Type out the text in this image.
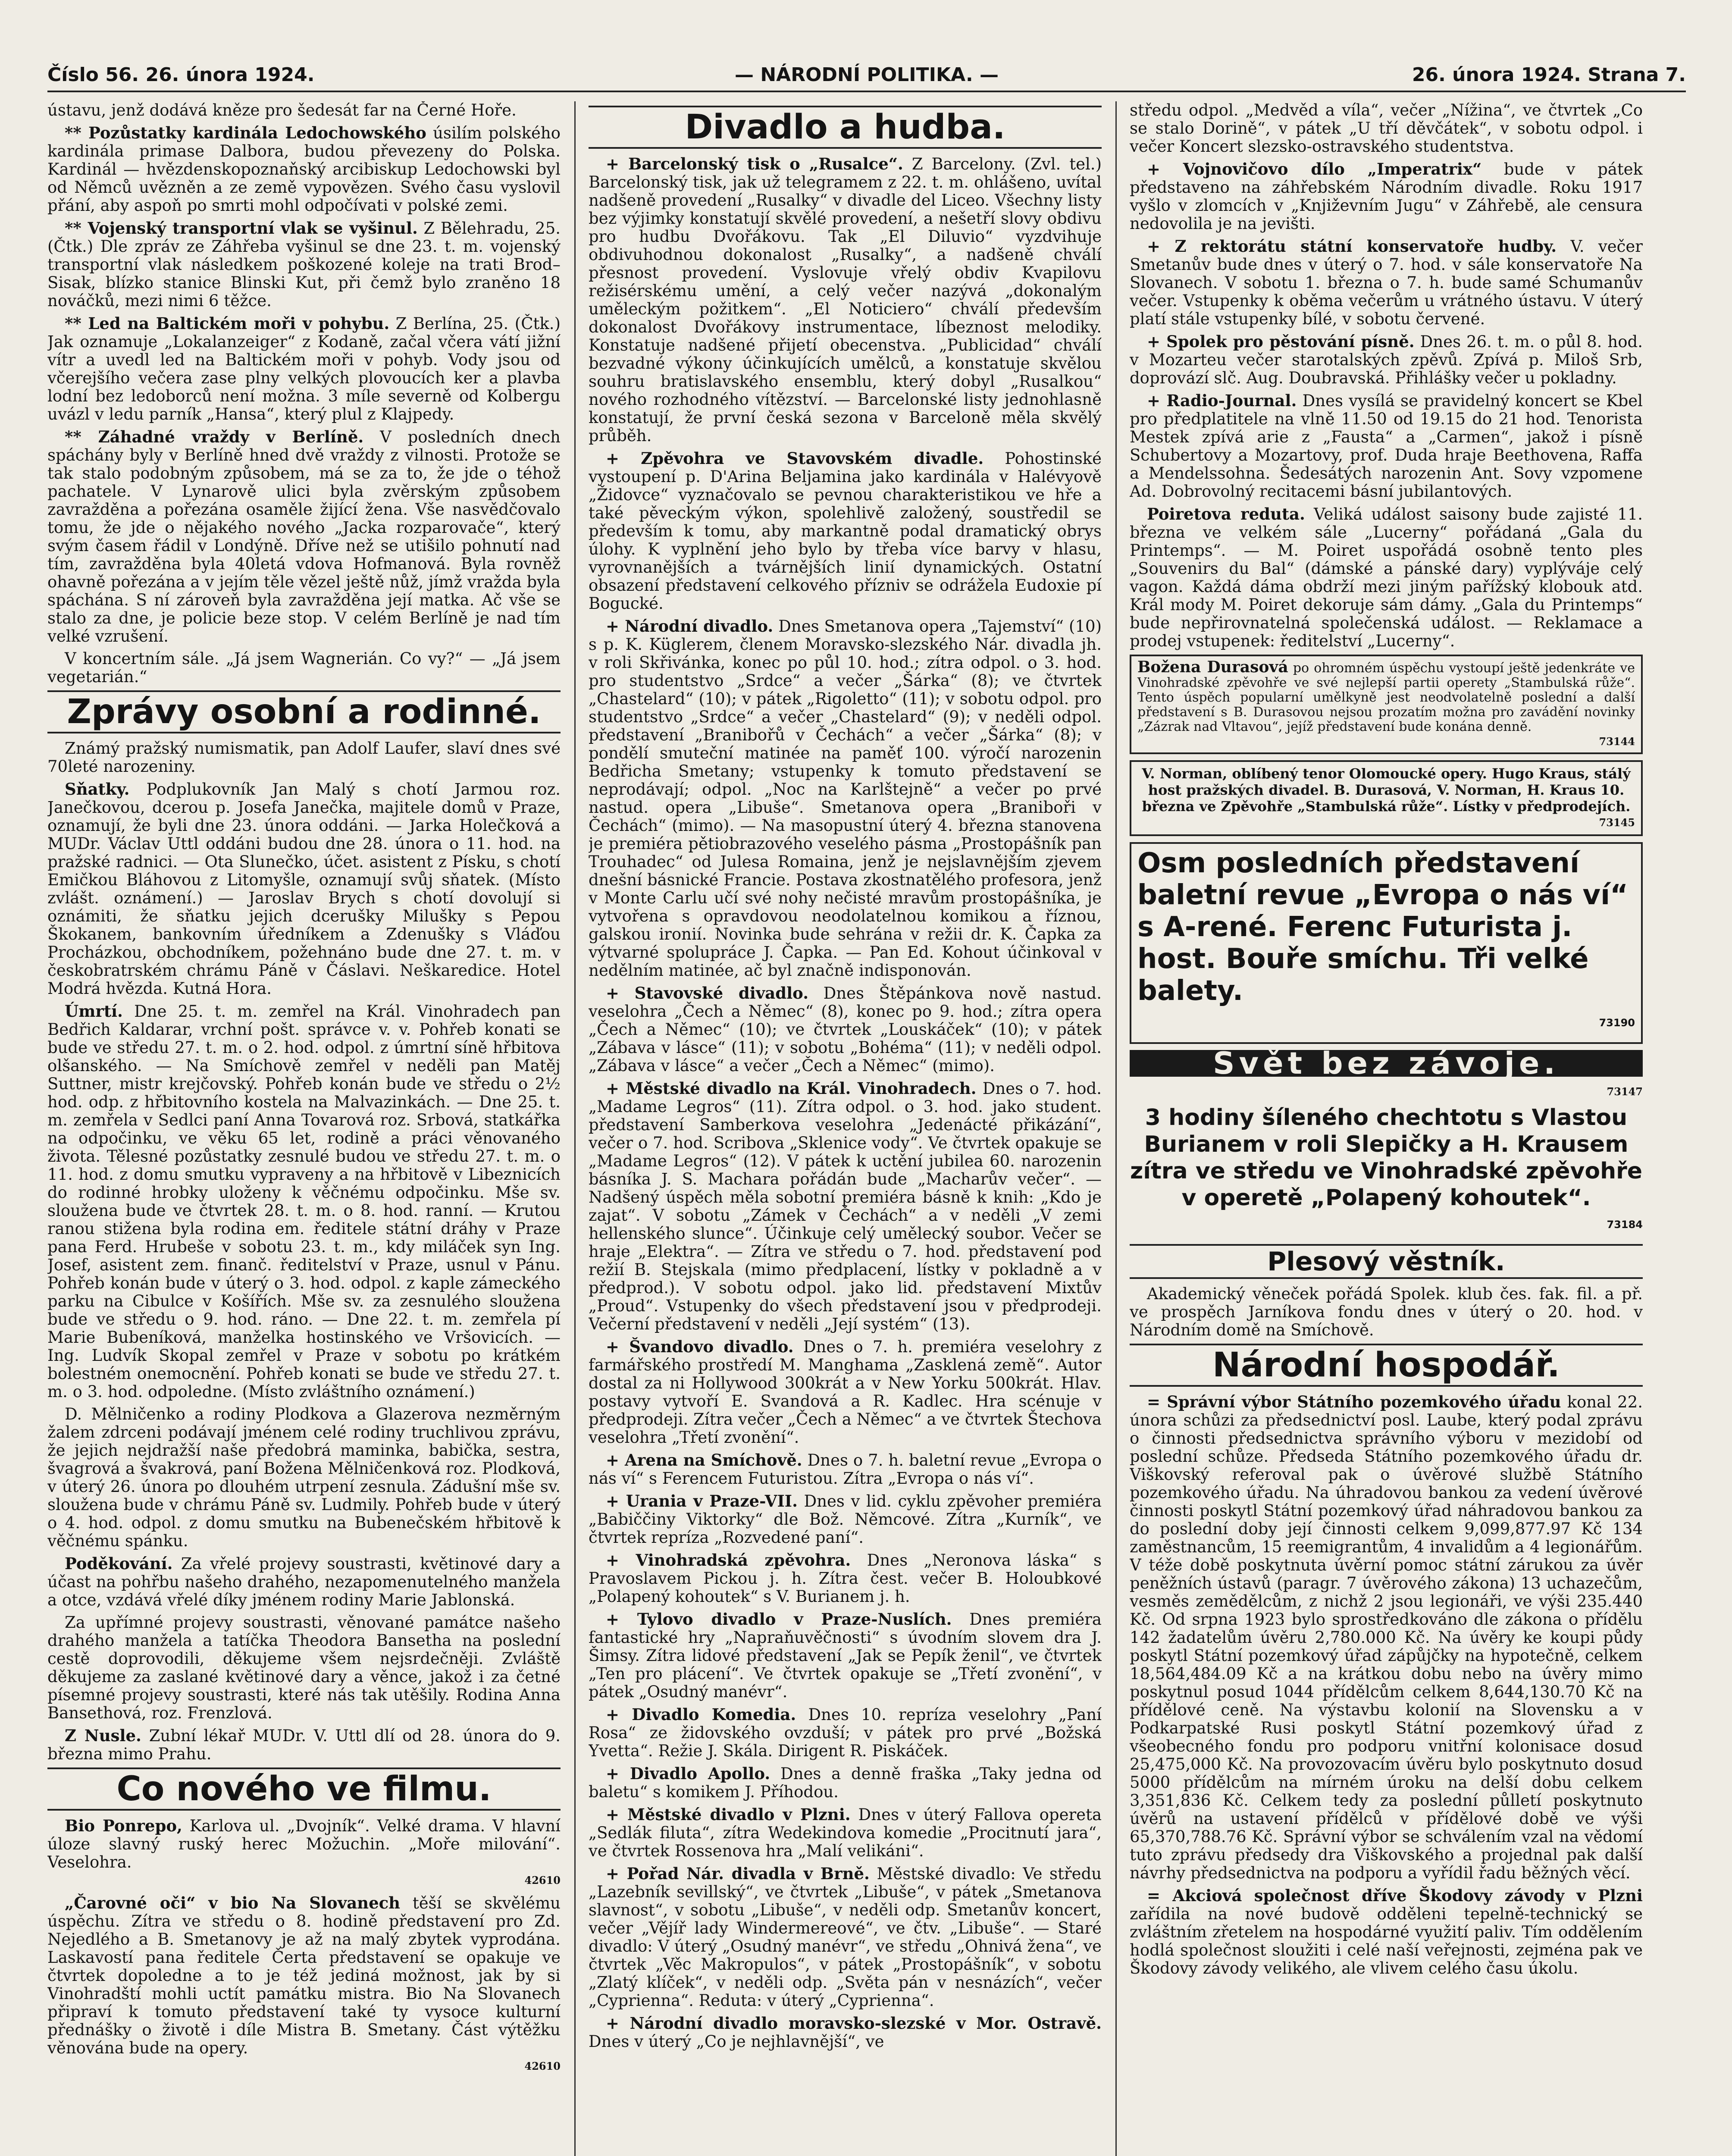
Číslo 56. 26. února 1924.	— NÁRODNÍ POLITIKA. —	26. února 1924. Strana 7.

ústavu, jenž dodává kněze pro šedesát far na Černé Hoře.

** Pozůstatky kardinála Ledochowského úsilím polského kardinála primase Dalbora, budou převezeny do Polska. Kardinál — hvězdenskopoznaňský arcibiskup Ledochowski byl od Němců uvězněn a ze země vypovězen. Svého času vyslovil přání, aby aspoň po smrti mohl odpočívati v polské zemi.

** Vojenský transportní vlak se vyšinul. Z Bělehradu, 25. (Čtk.) Dle zpráv ze Záhřeba vyšinul se dne 23. t. m. vojenský transportní vlak následkem poškozené koleje na trati Brod–Sisak, blízko stanice Blinski Kut, při čemž bylo zraněno 18 nováčků, mezi nimi 6 těžce.

** Led na Baltickém moři v pohybu. Z Berlína, 25. (Čtk.) Jak oznamuje „Lokalanzeiger“ z Kodaně, začal včera vátí jižní vítr a uvedl led na Baltickém moři v pohyb. Vody jsou od včerejšího večera zase plny velkých plovoucích ker a plavba lodní bez ledoborců není možna. 3 míle severně od Kolbergu uvázl v ledu parník „Hansa“, který plul z Klajpedy.

** Záhadné vraždy v Berlíně. V posledních dnech spáchány byly v Berlíně hned dvě vraždy z vilnosti. Protože se tak stalo podobným způsobem, má se za to, že jde o téhož pachatele. V Lynarově ulici byla zvěrským způsobem zavražděna a pořezána osaměle žijící žena. Vše nasvědčovalo tomu, že jde o nějakého nového „Jacka rozparovače“, který svým časem řádil v Londýně. Dříve než se utišilo pohnutí nad tím, zavražděna byla 40letá vdova Hofmanová. Byla rovněž ohavně pořezána a v jejím těle vězel ještě nůž, jímž vražda byla spáchána. S ní zároveň byla zavražděna její matka. Ač vše se stalo za dne, je policie beze stop. V celém Berlíně je nad tím velké vzrušení.

V koncertním sále. „Já jsem Wagnerián. Co vy?“ — „Já jsem vegetarián.“

Zprávy osobní a rodinné.

Známý pražský numismatik, pan Adolf Laufer, slaví dnes své 70leté narozeniny.

Sňatky. Podplukovník Jan Malý s chotí Jarmou roz. Janečkovou, dcerou p. Josefa Janečka, majitele domů v Praze, oznamují, že byli dne 23. února oddáni. — Jarka Holečková a MUDr. Václav Uttl oddáni budou dne 28. února o 11. hod. na pražské radnici. — Ota Slunečko, účet. asistent z Písku, s chotí Emičkou Bláhovou z Litomyšle, oznamují svůj sňatek. (Místo zvlášt. oznámení.) — Jaroslav Brych s chotí dovolují si oznámiti, že sňatku jejich dcerušky Milušky s Pepou Škokanem, bankovním úředníkem a Zdenušky s Vláďou Procházkou, obchodníkem, požehnáno bude dne 27. t. m. v českobratrském chrámu Páně v Čáslavi. Neškaredice. Hotel Modrá hvězda. Kutná Hora.

Úmrtí. Dne 25. t. m. zemřel na Král. Vinohradech pan Bedřich Kaldarar, vrchní pošt. správce v. v. Pohřeb konati se bude ve středu 27. t. m. o 2. hod. odpol. z úmrtní síně hřbitova olšanského. — Na Smíchově zemřel v neděli pan Matěj Suttner, mistr krejčovský. Pohřeb konán bude ve středu o 2½ hod. odp. z hřbitovního kostela na Malvazinkách. — Dne 25. t. m. zemřela v Sedlci paní Anna Tovarová roz. Srbová, statkářka na odpočinku, ve věku 65 let, rodině a práci věnovaného života. Tělesné pozůstatky zesnulé budou ve středu 27. t. m. o 11. hod. z domu smutku vypraveny a na hřbitově v Libeznicích do rodinné hrobky uloženy k věčnému odpočinku. Mše sv. sloužena bude ve čtvrtek 28. t. m. o 8. hod. ranní. — Krutou ranou stižena byla rodina em. ředitele státní dráhy v Praze pana Ferd. Hrubeše v sobotu 23. t. m., kdy miláček syn Ing. Josef, asistent zem. finanč. ředitelství v Praze, usnul v Pánu. Pohřeb konán bude v úterý o 3. hod. odpol. z kaple zámeckého parku na Cibulce v Košířích. Mše sv. za zesnulého sloužena bude ve středu o 9. hod. ráno. — Dne 22. t. m. zemřela pí Marie Bubeníková, manželka hostinského ve Vršovicích. — Ing. Ludvík Skopal zemřel v Praze v sobotu po krátkém bolestném onemocnění. Pohřeb konati se bude ve středu 27. t. m. o 3. hod. odpoledne. (Místo zvláštního oznámení.)

D. Mělničenko a rodiny Plodkova a Glazerova nezměrným žalem zdrceni podávají jménem celé rodiny truchlivou zprávu, že jejich nejdražší naše předobrá maminka, babička, sestra, švagrová a švakrová, paní Božena Mělničenková roz. Plodková, v úterý 26. února po dlouhém utrpení zesnula. Zádušní mše sv. sloužena bude v chrámu Páně sv. Ludmily. Pohřeb bude v úterý o 4. hod. odpol. z domu smutku na Bubenečském hřbitově k věčnému spánku.

Poděkování. Za vřelé projevy soustrasti, květinové dary a účast na pohřbu našeho drahého, nezapomenutelného manžela a otce, vzdává vřelé díky jménem rodiny Marie Jablonská.

Za upřímné projevy soustrasti, věnované památce našeho drahého manžela a tatíčka Theodora Bansetha na poslední cestě doprovodili, děkujeme všem nejsrdečněji. Zvláště děkujeme za zaslané květinové dary a věnce, jakož i za četné písemné projevy soustrasti, které nás tak utěšily. Rodina Anna Bansethová, roz. Frenzlová.

Z Nusle. Zubní lékař MUDr. V. Uttl dlí od 28. února do 9. března mimo Prahu.

Co nového ve filmu.

Bio Ponrepo, Karlova ul. „Dvojník“. Velké drama. V hlavní úloze slavný ruský herec Možuchin. „Moře milování“. Veselohra.
42610

„Čarovné oči“ v bio Na Slovanech těší se skvělému úspěchu. Zítra ve středu o 8. hodině představení pro Zd. Nejedlého a B. Smetanovy je až na malý zbytek vyprodána. Laskavostí pana ředitele Čerta představení se opakuje ve čtvrtek dopoledne a to je též jediná možnost, jak by si Vinohradští mohli uctít památku mistra. Bio Na Slovanech připraví k tomuto představení také ty vysoce kulturní přednášky o životě i díle Mistra B. Smetany. Část výtěžku věnována bude na opery.
42610

Divadlo a hudba.

+ Barcelonský tisk o „Rusalce“. Z Barcelony. (Zvl. tel.) Barcelonský tisk, jak už telegramem z 22. t. m. ohlášeno, uvítal nadšeně provedení „Rusalky“ v divadle del Liceo. Všechny listy bez výjimky konstatují skvělé provedení, a nešetří slovy obdivu pro hudbu Dvořákovu. Tak „El Diluvio“ vyzdvihuje obdivuhodnou dokonalost „Rusalky“, a nadšeně chválí přesnost provedení. Vyslovuje vřelý obdiv Kvapilovu režisérskému umění, a celý večer nazývá „dokonalým uměleckým požitkem“. „El Noticiero“ chválí především dokonalost Dvořákovy instrumentace, líbeznost melodiky. Konstatuje nadšené přijetí obecenstva. „Publicidad“ chválí bezvadné výkony účinkujících umělců, a konstatuje skvělou souhru bratislavského ensemblu, který dobyl „Rusalkou“ nového rozhodného vítězství. — Barcelonské listy jednohlasně konstatují, že první česká sezona v Barceloně měla skvělý průběh.

+ Zpěvohra ve Stavovském divadle. Pohostinské vystoupení p. D'Arina Beljamina jako kardinála v Halévyově „Židovce“ vyznačovalo se pevnou charakteristikou ve hře a také pěveckým výkon, spolehlivě založený, soustředil se především k tomu, aby markantně podal dramatický obrys úlohy. K vyplnění jeho bylo by třeba více barvy v hlasu, vyrovnanějších a tvárnějších linií dynamických. Ostatní obsazení představení celkového přízniv se odrážela Eudoxie pí Bogucké.

+ Národní divadlo. Dnes Smetanova opera „Tajemství“ (10) s p. K. Küglerem, členem Moravsko-slezského Nár. divadla jh. v roli Skřivánka, konec po půl 10. hod.; zítra odpol. o 3. hod. pro studentstvo „Srdce“ a večer „Šárka“ (8); ve čtvrtek „Chastelard“ (10); v pátek „Rigoletto“ (11); v sobotu odpol. pro studentstvo „Srdce“ a večer „Chastelard“ (9); v neděli odpol. představení „Branibořů v Čechách“ a večer „Šárka“ (8); v pondělí smuteční matinée na paměť 100. výročí narozenin Bedřicha Smetany; vstupenky k tomuto představení se neprodávají; odpol. „Noc na Karlštejně“ a večer po prvé nastud. opera „Libuše“. Smetanova opera „Braniboři v Čechách“ (mimo). — Na masopustní úterý 4. března stanovena je premiéra pětiobrazového veselého pásma „Prostopášník pan Trouhadec“ od Julesa Romaina, jenž je nejslavnějším zjevem dnešní básnické Francie. Postava zkostnatělého profesora, jenž v Monte Carlu učí své nohy nečisté mravům prostopášníka, je vytvořena s opravdovou neodolatelnou komikou a říznou, galskou ironií. Novinka bude sehrána v režii dr. K. Čapka za výtvarné spolupráce J. Čapka. — Pan Ed. Kohout účinkoval v nedělním matinée, ač byl značně indisponován.

+ Stavovské divadlo. Dnes Štěpánkova nově nastud. veselohra „Čech a Němec“ (8), konec po 9. hod.; zítra opera „Čech a Němec“ (10); ve čtvrtek „Louskáček“ (10); v pátek „Zábava v lásce“ (11); v sobotu „Bohéma“ (11); v neděli odpol. „Zábava v lásce“ a večer „Čech a Němec“ (mimo).

+ Městské divadlo na Král. Vinohradech. Dnes o 7. hod. „Madame Legros“ (11). Zítra odpol. o 3. hod. jako student. představení Samberkova veselohra „Jedenácté přikázání“, večer o 7. hod. Scribova „Sklenice vody“. Ve čtvrtek opakuje se „Madame Legros“ (12). V pátek k uctění jubilea 60. narozenin básníka J. S. Machara pořádán bude „Macharův večer“. — Nadšený úspěch měla sobotní premiéra básně k knih: „Kdo je zajat“. V sobotu „Zámek v Čechách“ a v neděli „V zemi hellenského slunce“. Účinkuje celý umělecký soubor. Večer se hraje „Elektra“. — Zítra ve středu o 7. hod. představení pod režií B. Stejskala (mimo předplacení, lístky v pokladně a v předprod.). V sobotu odpol. jako lid. představení Mixtův „Proud“. Vstupenky do všech představení jsou v předprodeji. Večerní představení v neděli „Její systém“ (13).

+ Švandovo divadlo. Dnes o 7. h. premiéra veselohry z farmářského prostředí M. Manghama „Zasklená země“. Autor dostal za ni Hollywood 300krát a v New Yorku 500krát. Hlav. postavy vytvoří E. Svandová a R. Kadlec. Hra scénuje v předprodeji. Zítra večer „Čech a Němec“ a ve čtvrtek Štechova veselohra „Třetí zvonění“.

+ Arena na Smíchově. Dnes o 7. h. baletní revue „Evropa o nás ví“ s Ferencem Futuristou. Zítra „Evropa o nás ví“.

+ Urania v Praze-VII. Dnes v lid. cyklu zpěvoher premiéra „Babiččiny Viktorky“ dle Bož. Němcové. Zítra „Kurník“, ve čtvrtek repríza „Rozvedené paní“.

+ Vinohradská zpěvohra. Dnes „Neronova láska“ s Pravoslavem Pickou j. h. Zítra čest. večer B. Holoubkové „Polapený kohoutek“ s V. Burianem j. h.

+ Tylovo divadlo v Praze-Nuslích. Dnes premiéra fantastické hry „Napraňuvěčnosti“ s úvodním slovem dra J. Šimsy. Zítra lidové představení „Jak se Pepík ženil“, ve čtvrtek „Ten pro plácení“. Ve čtvrtek opakuje se „Třetí zvonění“, v pátek „Osudný manévr“.

+ Divadlo Komedia. Dnes 10. repríza veselohry „Paní Rosa“ ze židovského ovzduší; v pátek pro prvé „Božská Yvetta“. Režie J. Skála. Dirigent R. Piskáček.

+ Divadlo Apollo. Dnes a denně fraška „Taky jedna od baletu“ s komikem J. Příhodou.

+ Městské divadlo v Plzni. Dnes v úterý Fallova opereta „Sedlák filuta“, zítra Wedekindova komedie „Procitnutí jara“, ve čtvrtek Rossenova hra „Malí velikáni“.

+ Pořad Nár. divadla v Brně. Městské divadlo: Ve středu „Lazebník sevillský“, ve čtvrtek „Libuše“, v pátek „Smetanova slavnost“, v sobotu „Libuše“, v neděli odp. Smetanův koncert, večer „Vějíř lady Windermereové“, ve čtv. „Libuše“. — Staré divadlo: V úterý „Osudný manévr“, ve středu „Ohnivá žena“, ve čtvrtek „Věc Makropulos“, v pátek „Prostopášník“, v sobotu „Zlatý klíček“, v neděli odp. „Světa pán v nesnázích“, večer „Cyprienna“. Reduta: v úterý „Cyprienna“.

+ Národní divadlo moravsko-slezské v Mor. Ostravě. Dnes v úterý „Co je nejhlavnější“, ve

středu odpol. „Medvěd a víla“, večer „Nížina“, ve čtvrtek „Co se stalo Dorině“, v pátek „U tří děvčátek“, v sobotu odpol. i večer Koncert slezsko-ostravského studentstva.

+ Vojnovičovo dílo „Imperatrix“ bude v pátek představeno na záhřebském Národním divadle. Roku 1917 vyšlo v zlomcích v „Književním Jugu“ v Záhřebě, ale censura nedovolila je na jevišti.

+ Z rektorátu státní konservatoře hudby. V. večer Smetanův bude dnes v úterý o 7. hod. v sále konservatoře Na Slovanech. V sobotu 1. března o 7. h. bude samé Schumanův večer. Vstupenky k oběma večerům u vrátného ústavu. V úterý platí stále vstupenky bílé, v sobotu červené.

+ Spolek pro pěstování písně. Dnes 26. t. m. o půl 8. hod. v Mozarteu večer starotalských zpěvů. Zpívá p. Miloš Srb, doprovází slč. Aug. Doubravská. Přihlášky večer u pokladny.

+ Radio-Journal. Dnes vysílá se pravidelný koncert se Kbel pro předplatitele na vlně 11.50 od 19.15 do 21 hod. Tenorista Mestek zpívá arie z „Fausta“ a „Carmen“, jakož i písně Schubertovy a Mozartovy, prof. Duda hraje Beethovena, Raffa a Mendelssohna. Šedesátých narozenin Ant. Sovy vzpomene Ad. Dobrovolný recitacemi básní jubilantových.

Poiretova reduta. Veliká událost saisony bude zajisté 11. března ve velkém sále „Lucerny“ pořádaná „Gala du Printemps“. — M. Poiret uspořádá osobně tento ples „Souvenirs du Bal“ (dámské a pánské dary) vyplýváje celý vagon. Každá dáma obdrží mezi jiným pařížský klobouk atd. Král mody M. Poiret dekoruje sám dámy. „Gala du Printemps“ bude nepřirovnatelná společenská událost. — Reklamace a prodej vstupenek: ředitelství „Lucerny“.

Božena Durasová po ohromném úspěchu vystoupí ještě jedenkráte ve Vinohradské zpěvohře ve své nejlepší partii operety „Stambulská růže“. Tento úspěch popularní umělkyně jest neodvolatelně poslední a další představení s B. Durasovou nejsou prozatím možna pro zavádění novinky „Zázrak nad Vltavou“, jejíž představení bude konána denně.
73144
V. Norman, oblíbený tenor Olomoucké opery. Hugo Kraus, stálý host pražských divadel. B. Durasová, V. Norman, H. Kraus 10. března ve Zpěvohře „Stambulská růže“. Lístky v předprodejích.
73145
Osm posledních představení baletní revue „Evropa o nás ví“ s A-rené. Ferenc Futurista j. host. Bouře smíchu. Tři velké balety.
73190
Svět bez závoje.
73147
3 hodiny šíleného chechtotu s Vlastou Burianem v roli Slepičky a H. Krausem zítra ve středu ve Vinohradské zpěvohře v operetě „Polapený kohoutek“.
73184
Plesový věstník.

Akademický věneček pořádá Spolek. klub čes. fak. fil. a př. ve prospěch Jarníkova fondu dnes v úterý o 20. hod. v Národním domě na Smíchově.

Národní hospodář.

= Správní výbor Státního pozemkového úřadu konal 22. února schůzi za předsednictví posl. Laube, který podal zprávu o činnosti předsednictva správního výboru v mezidobí od poslední schůze. Předseda Státního pozemkového úřadu dr. Viškovský referoval pak o úvěrové službě Státního pozemkového úřadu. Na úhradovou bankou za vedení úvěrové činnosti poskytl Státní pozemkový úřad náhradovou bankou za do poslední doby její činnosti celkem 9,099,877.97 Kč 134 zaměstnancům, 15 reemigrantům, 4 invalidům a 4 legionářům. V téže době poskytnuta úvěrní pomoc státní zárukou za úvěr peněžních ústavů (paragr. 7 úvěrového zákona) 13 uchazečům, vesměs zemědělcům, z nichž 2 jsou legionáři, ve výši 235.440 Kč. Od srpna 1923 bylo sprostředkováno dle zákona o přídělu 142 žadatelům úvěru 2,780.000 Kč. Na úvěry ke koupi půdy poskytl Státní pozemkový úřad zápůjčky na hypotečně, celkem 18,564,484.09 Kč a na krátkou dobu nebo na úvěry mimo poskytnul posud 1044 přídělcům celkem 8,644,130.70 Kč na přídělové ceně. Na výstavbu kolonií na Slovensku a v Podkarpatské Rusi poskytl Státní pozemkový úřad z všeobecného fondu pro podporu vnitřní kolonisace dosud 25,475,000 Kč. Na provozovacím úvěru bylo poskytnuto dosud 5000 přídělcům na mírném úroku na delší dobu celkem 3,351,836 Kč. Celkem tedy za poslední půlletí poskytnuto úvěrů na ustavení přídělců v přídělové době ve výši 65,370,788.76 Kč. Správní výbor se schválením vzal na vědomí tuto zprávu předsedy dra Viškovského a projednal pak další návrhy předsednictva na podporu a vyřídil řadu běžných věcí.

= Akciová společnost dříve Škodovy závody v Plzni zařídila na nové budově odděleni tepelně-technický se zvláštním zřetelem na hospodárné využití paliv. Tím oddělením hodlá společnost sloužiti i celé naší veřejnosti, zejména pak ve Škodovy závody velikého, ale vlivem celého času úkolu.
